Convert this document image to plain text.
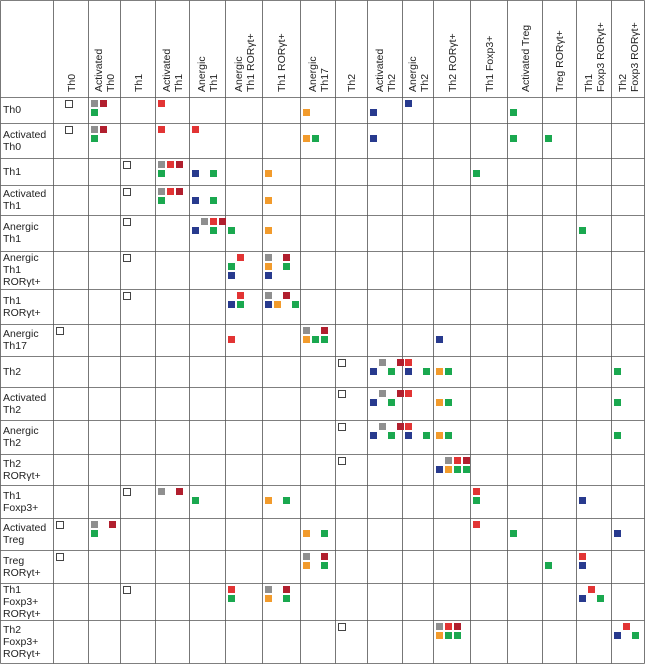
Th0 Activated Th0 Th1 Activated Th1 Anergic Th1 Anergic Th1 RORγt+ Th1 RORγt+ Anergic Th17 Th2 Activated Th2 Anergic Th2 Th2 RORγt+ Th1 Foxp3+ Activated Treg Treg RORγt+ Th1 Foxp3 RORγt+ Th2 Foxp3 RORγt+
Th0
Activated
Th0
Th1
Activated
Th1
Anergic
Th1
Anergic
Th1
RORγt+
Th1
RORγt+
Anergic
Th17
Th2
Activated
Th2
Anergic
Th2
Th2
RORγt+
Th1
Foxp3+
Activated
Treg
Treg
RORγt+
Th1
Foxp3+
RORγt+
Th2
Foxp3+
RORγt+
